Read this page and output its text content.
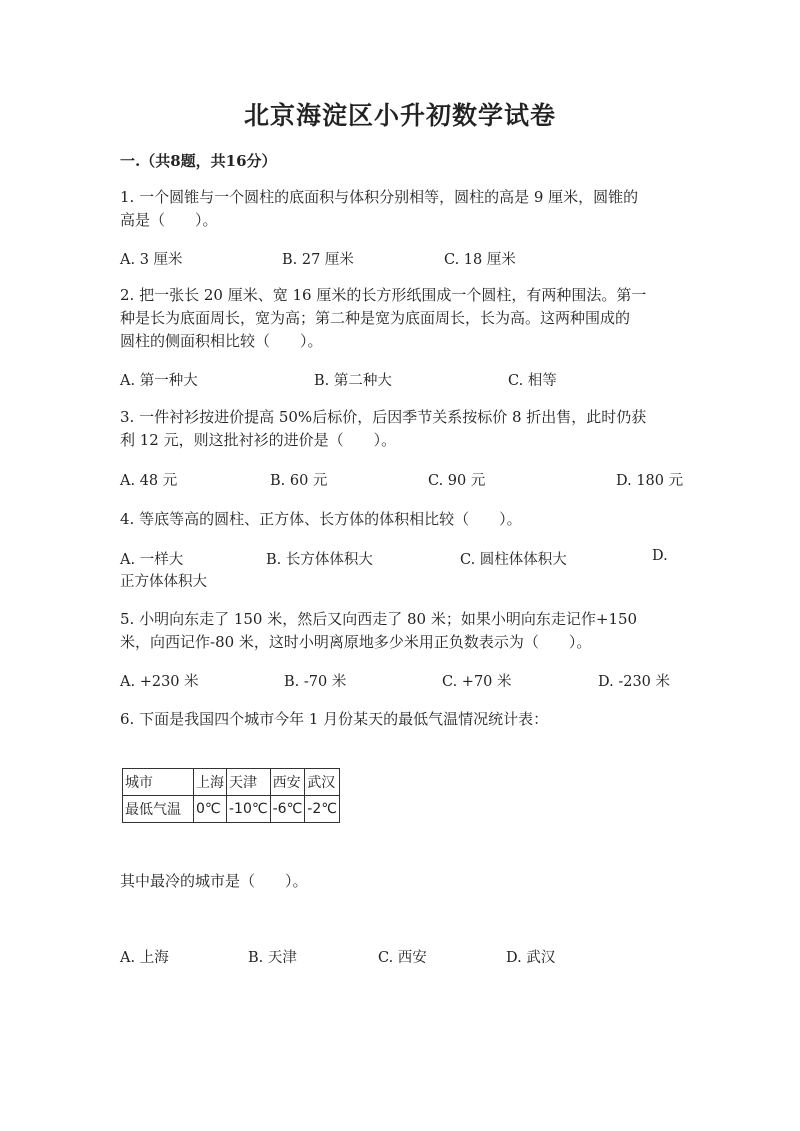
北京海淀区小升初数学试卷
一.（共8题，共16分）
1. 一个圆锥与一个圆柱的底面积与体积分别相等，圆柱的高是 9 厘米，圆锥的
高是（　　）。
A. 3 厘米	B. 27 厘米	C. 18 厘米
2. 把一张长 20 厘米、宽 16 厘米的长方形纸围成一个圆柱，有两种围法。第一
种是长为底面周长，宽为高；第二种是宽为底面周长，长为高。这两种围成的
圆柱的侧面积相比较（　　）。
A. 第一种大	B. 第二种大	C. 相等
3. 一件衬衫按进价提高 50%后标价，后因季节关系按标价 8 折出售，此时仍获
利 12 元，则这批衬衫的进价是（　　）。
A. 48 元	B. 60 元	C. 90 元	D. 180 元
4. 等底等高的圆柱、正方体、长方体的体积相比较（　　）。
A. 一样大	B. 长方体体积大	C. 圆柱体体积大	D.
正方体体积大
5. 小明向东走了 150 米，然后又向西走了 80 米；如果小明向东走记作+150
米，向西记作-80 米，这时小明离原地多少米用正负数表示为（　　）。
A. +230 米	B. -70 米	C. +70 米	D. -230 米
6. 下面是我国四个城市今年 1 月份某天的最低气温情况统计表：
城市	上海	天津	西安	武汉
最低气温	0℃	-10℃	-6℃	-2℃
其中最冷的城市是（　　）。
A. 上海	B. 天津	C. 西安	D. 武汉
